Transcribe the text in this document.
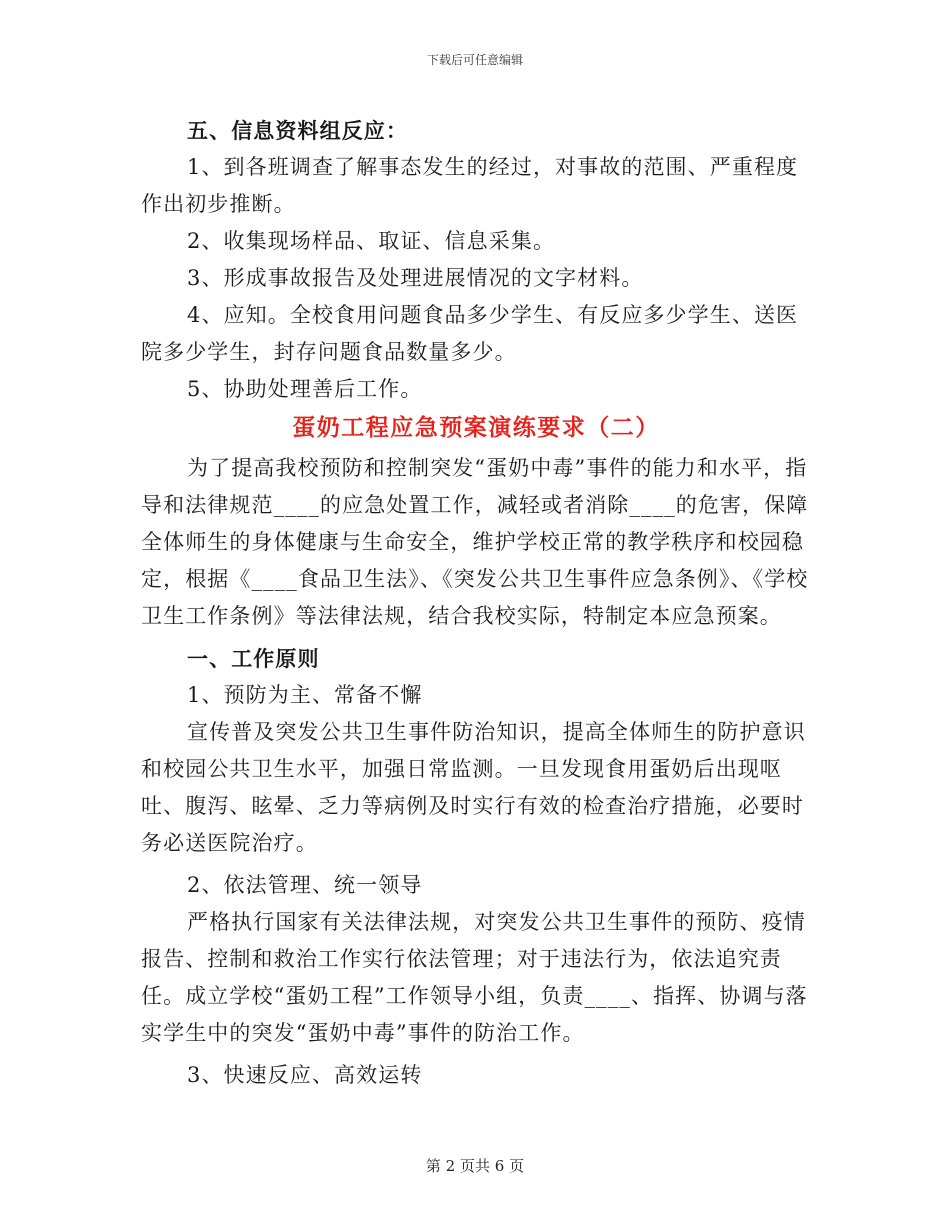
下载后可任意编辑

五、信息资料组反应：

1、到各班调查了解事态发生的经过，对事故的范围、严重程度作出初步推断。

2、收集现场样品、取证、信息采集。

3、形成事故报告及处理进展情况的文字材料。

4、应知。全校食用问题食品多少学生、有反应多少学生、送医院多少学生，封存问题食品数量多少。

5、协助处理善后工作。

蛋奶工程应急预案演练要求（二）

为了提高我校预防和控制突发“蛋奶中毒”事件的能力和水平，指导和法律规范____的应急处置工作，减轻或者消除____的危害，保障全体师生的身体健康与生命安全，维护学校正常的教学秩序和校园稳定，根据《____食品卫生法》、《突发公共卫生事件应急条例》、《学校卫生工作条例》等法律法规，结合我校实际，特制定本应急预案。

一、工作原则

1、预防为主、常备不懈

宣传普及突发公共卫生事件防治知识，提高全体师生的防护意识和校园公共卫生水平，加强日常监测。一旦发现食用蛋奶后出现呕吐、腹泻、眩晕、乏力等病例及时实行有效的检查治疗措施，必要时务必送医院治疗。

2、依法管理、统一领导

严格执行国家有关法律法规，对突发公共卫生事件的预防、疫情报告、控制和救治工作实行依法管理；对于违法行为，依法追究责任。成立学校“蛋奶工程”工作领导小组，负责____、指挥、协调与落实学生中的突发“蛋奶中毒”事件的防治工作。

3、快速反应、高效运转

第 2 页共 6 页
